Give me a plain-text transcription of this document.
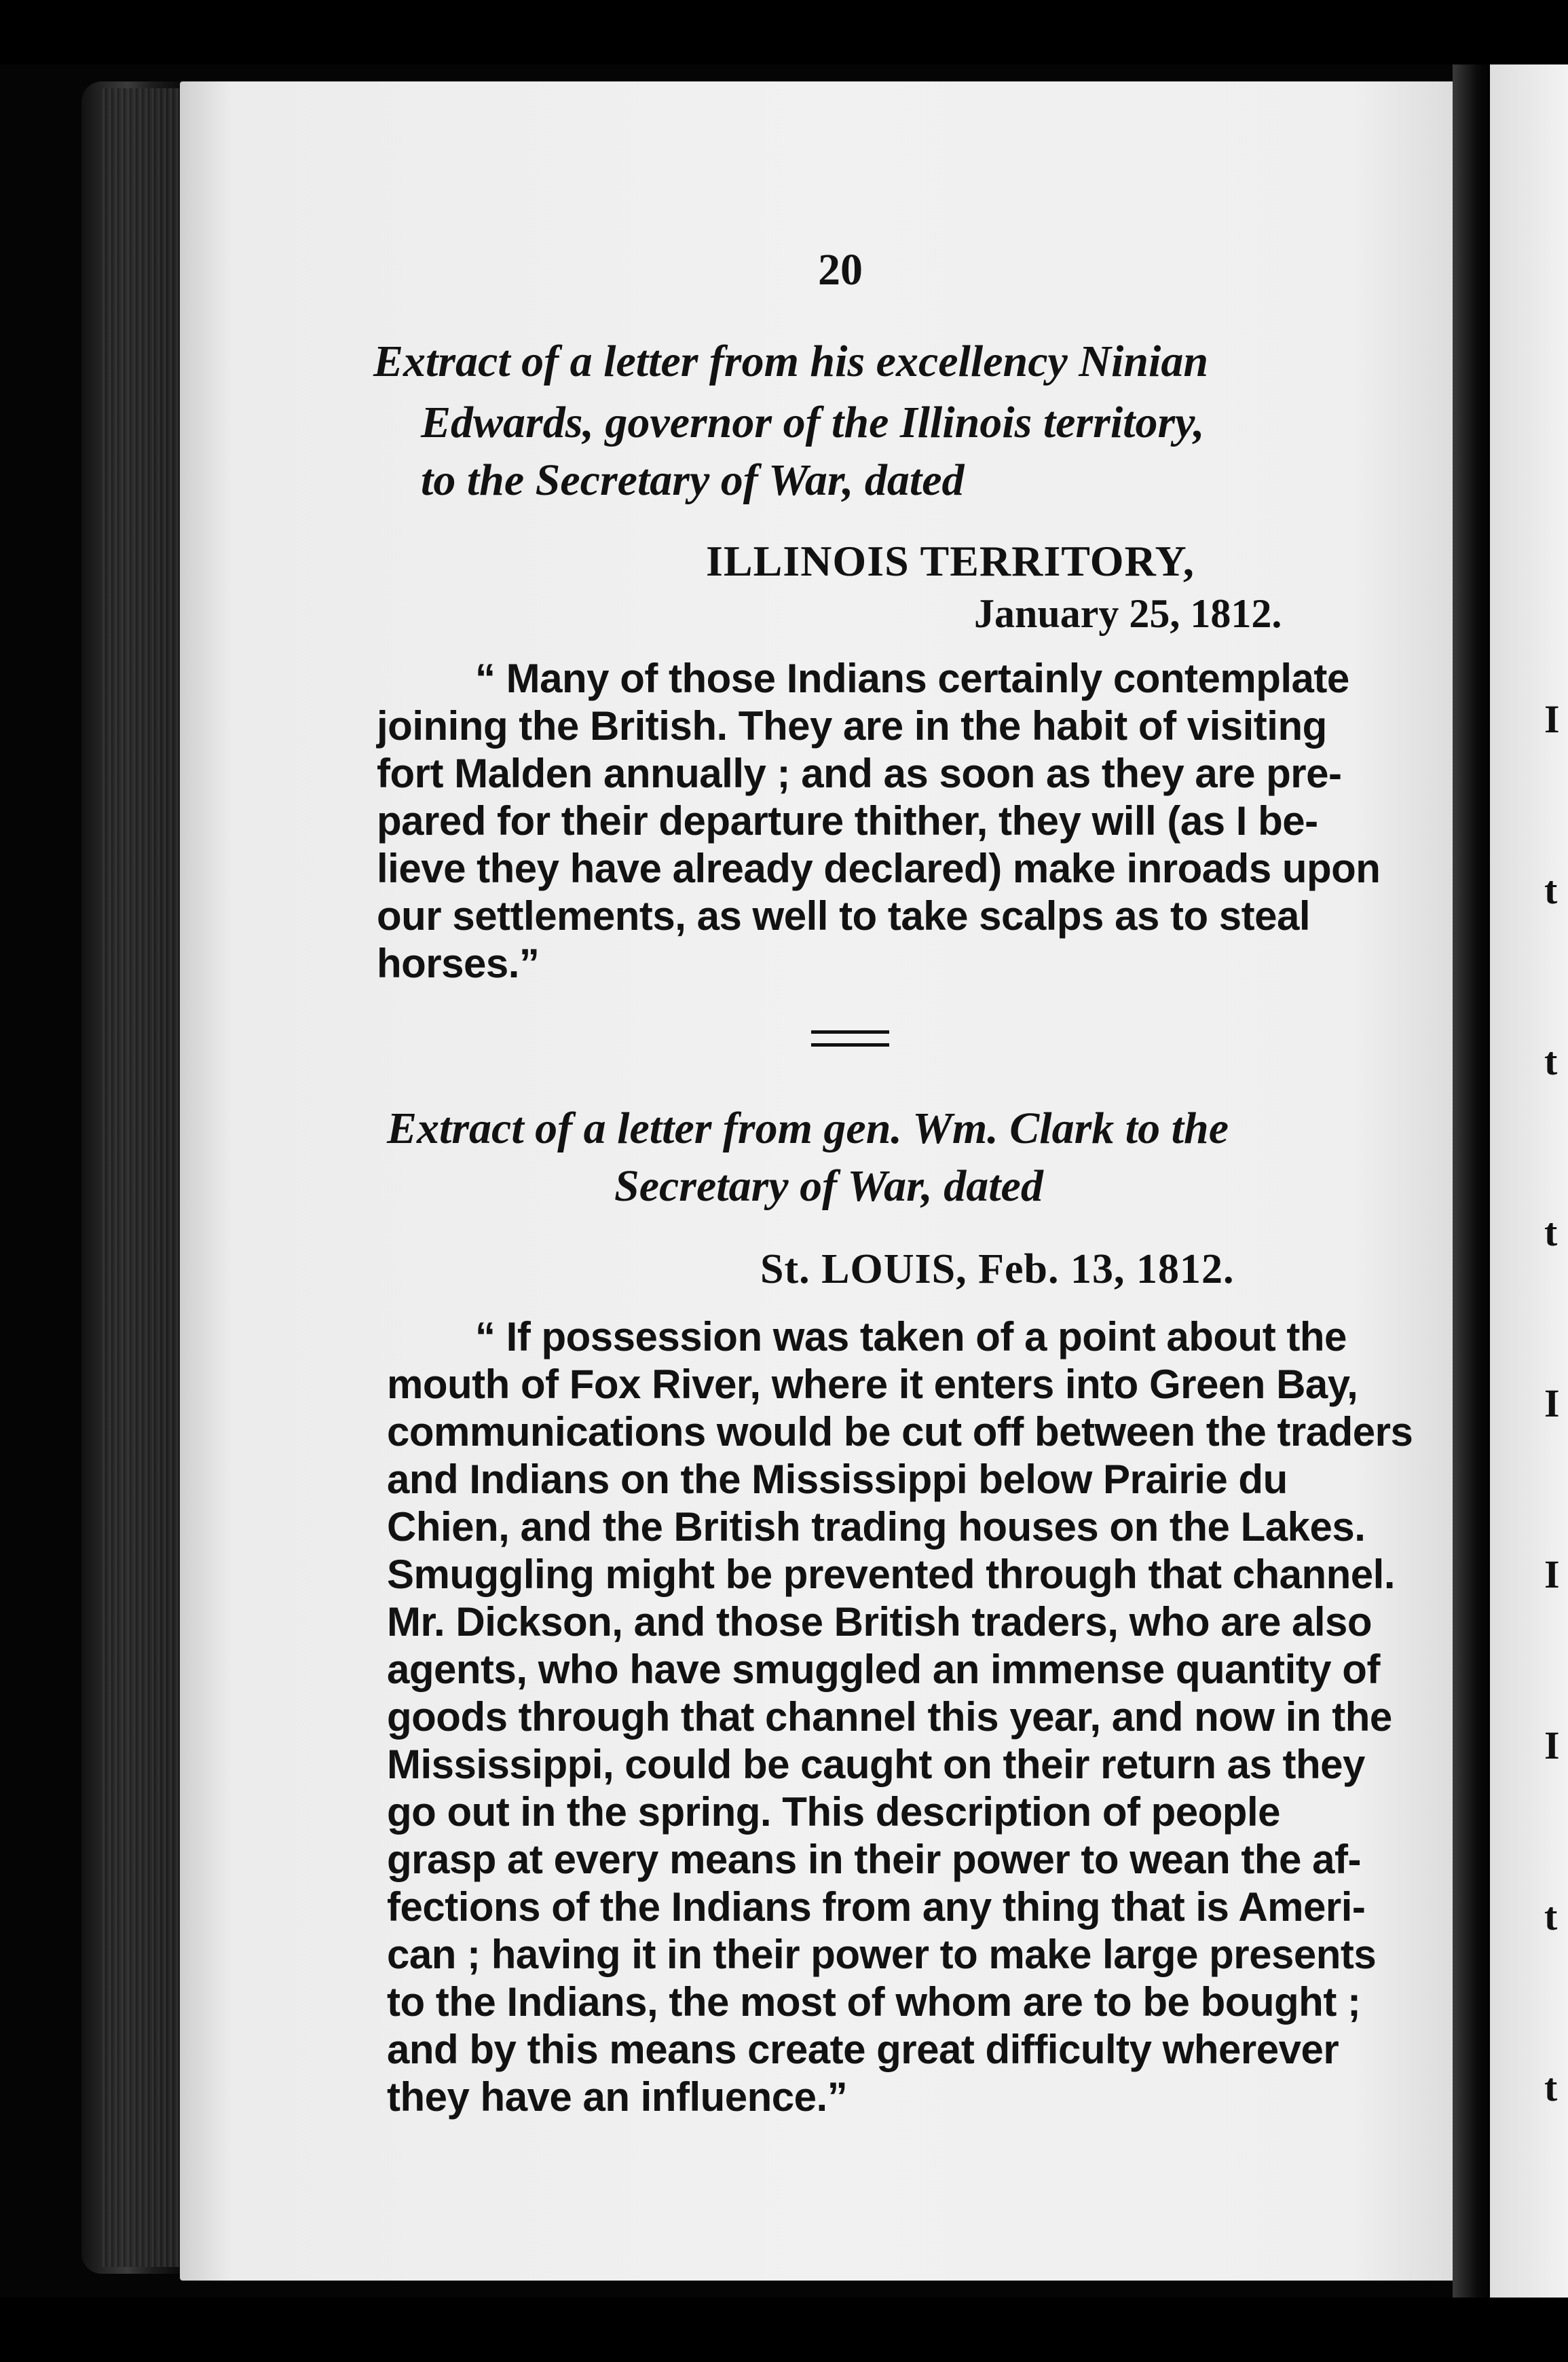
I

t

t

t

I

I

I

t

t

20
Extract of a letter from his excellency Ninian
Edwards, governor of the Illinois territory,
to the Secretary of War, dated
ILLINOIS TERRITORY,
January 25, 1812.
“ Many of those Indians certainly contemplate
joining the British. They are in the habit of visiting
fort Malden annually ; and as soon as they are pre-
pared for their departure thither, they will (as I be-
lieve they have already declared) make inroads upon
our settlements, as well to take scalps as to steal
horses.”
Extract of a letter from gen. Wm. Clark to the
Secretary of War, dated
St. LOUIS, Feb. 13, 1812.
“ If possession was taken of a point about the
mouth of Fox River, where it enters into Green Bay,
communications would be cut off between the traders
and Indians on the Mississippi below Prairie du
Chien, and the British trading houses on the Lakes.
Smuggling might be prevented through that channel.
Mr. Dickson, and those British traders, who are also
agents, who have smuggled an immense quantity of
goods through that channel this year, and now in the
Mississippi, could be caught on their return as they
go out in the spring. This description of people
grasp at every means in their power to wean the af-
fections of the Indians from any thing that is Ameri-
can ; having it in their power to make large presents
to the Indians, the most of whom are to be bought ;
and by this means create great difficulty wherever
they have an influence.”
